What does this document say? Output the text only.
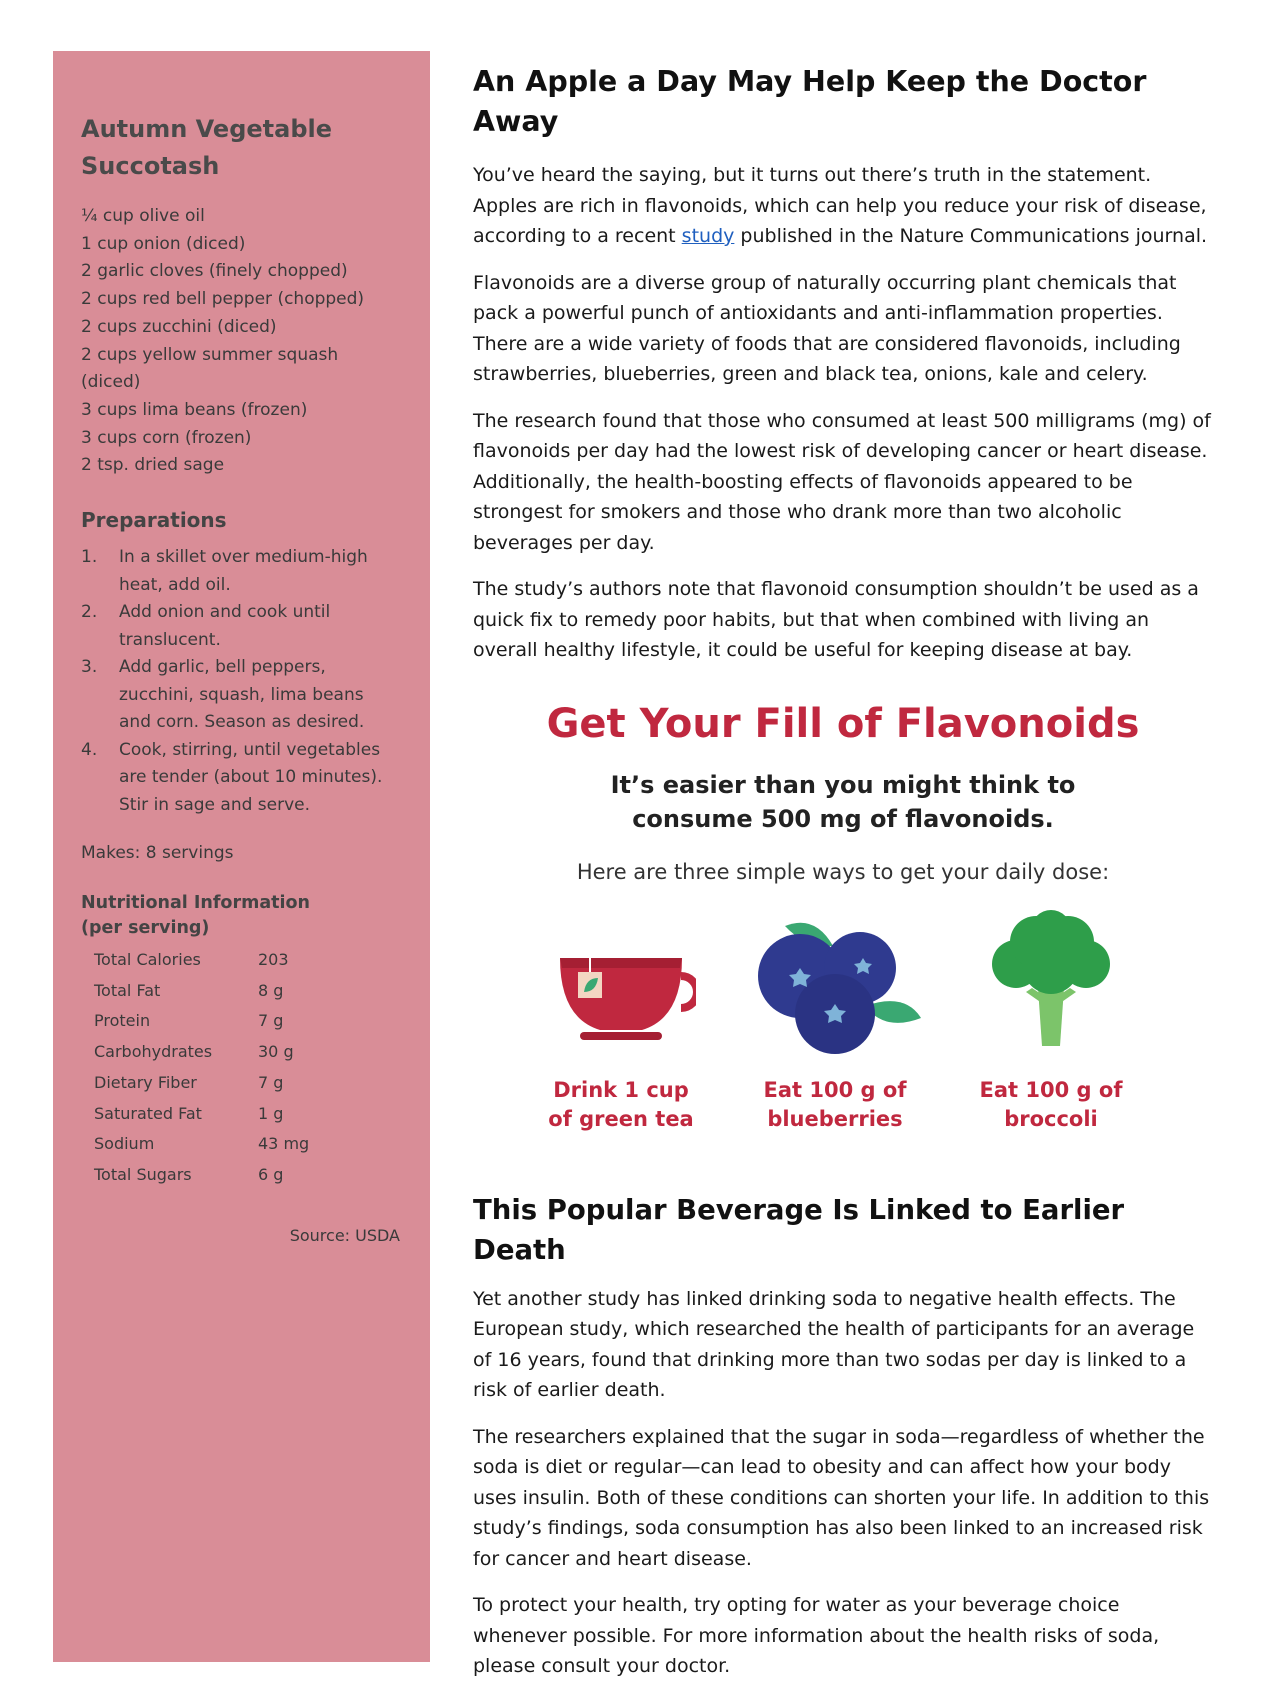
Autumn Vegetable Succotash
¼ cup olive oil
1 cup onion (diced)
2 garlic cloves (finely chopped)
2 cups red bell pepper (chopped)
2 cups zucchini (diced)
2 cups yellow summer squash (diced)
3 cups lima beans (frozen)
3 cups corn (frozen)
2 tsp. dried sage
Preparations
1. In a skillet over medium-high heat, add oil.
2. Add onion and cook until translucent.
3. Add garlic, bell peppers, zucchini, squash, lima beans and corn. Season as desired.
4. Cook, stirring, until vegetables are tender (about 10 minutes). Stir in sage and serve.
Makes: 8 servings
Nutritional Information (per serving)
Total Calories	203
Total Fat	8 g
Protein	7 g
Carbohydrates	30 g
Dietary Fiber	7 g
Saturated Fat	1 g
Sodium	43 mg
Total Sugars	6 g
Source: USDA
An Apple a Day May Help Keep the Doctor Away

You’ve heard the saying, but it turns out there’s truth in the statement. Apples are rich in flavonoids, which can help you reduce your risk of disease, according to a recent study published in the Nature Communications journal.

Flavonoids are a diverse group of naturally occurring plant chemicals that pack a powerful punch of antioxidants and anti-inflammation properties. There are a wide variety of foods that are considered flavonoids, including strawberries, blueberries, green and black tea, onions, kale and celery.

The research found that those who consumed at least 500 milligrams (mg) of flavonoids per day had the lowest risk of developing cancer or heart disease. Additionally, the health-boosting effects of flavonoids appeared to be strongest for smokers and those who drank more than two alcoholic beverages per day.

The study’s authors note that flavonoid consumption shouldn’t be used as a quick fix to remedy poor habits, but that when combined with living an overall healthy lifestyle, it could be useful for keeping disease at bay.

Get Your Fill of Flavonoids
It’s easier than you might think to consume 500 mg of flavonoids.
Here are three simple ways to get your daily dose:
Drink 1 cup
of green tea
Eat 100 g of
blueberries
Eat 100 g of
broccoli
This Popular Beverage Is Linked to Earlier Death

Yet another study has linked drinking soda to negative health effects. The European study, which researched the health of participants for an average of 16 years, found that drinking more than two sodas per day is linked to a risk of earlier death.

The researchers explained that the sugar in soda—regardless of whether the soda is diet or regular—can lead to obesity and can affect how your body uses insulin. Both of these conditions can shorten your life. In addition to this study’s findings, soda consumption has also been linked to an increased risk for cancer and heart disease.

To protect your health, try opting for water as your beverage choice whenever possible. For more information about the health risks of soda, please consult your doctor.
